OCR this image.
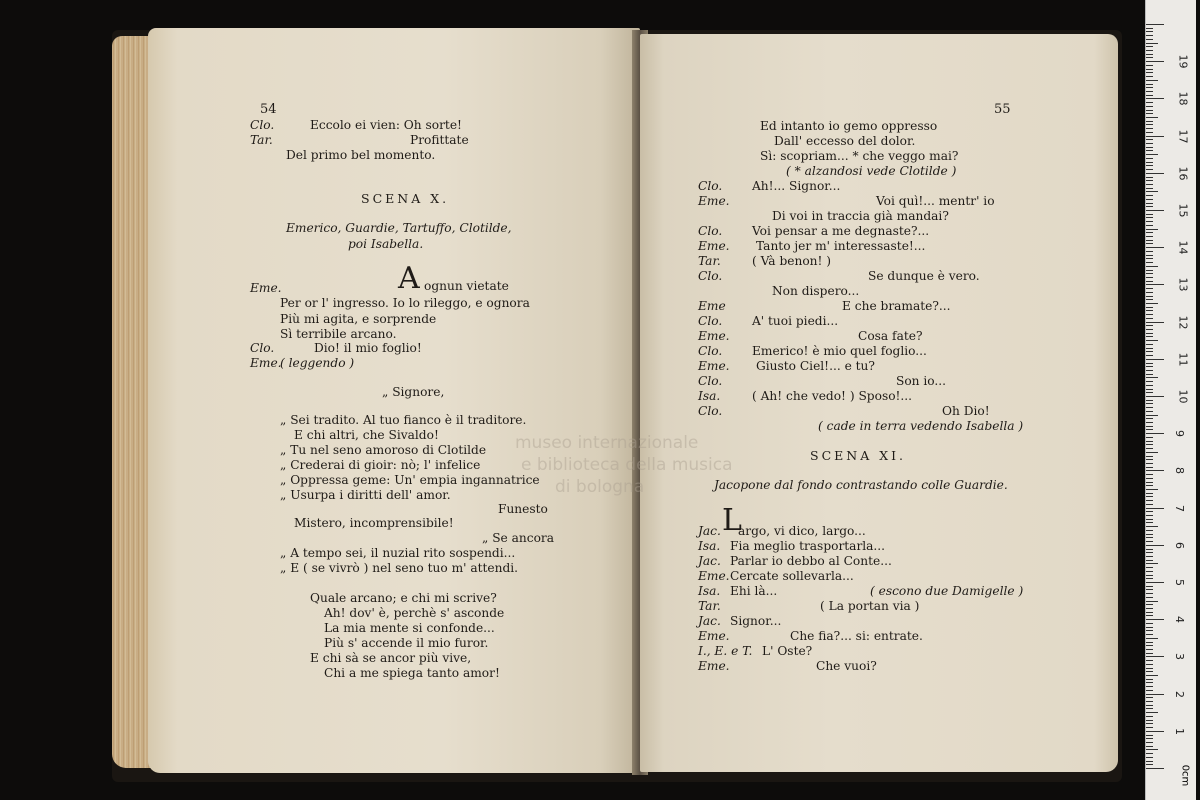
54
Clo.	Eccolo ei vien: Oh sorte!
Tar.	Profittate
Del primo bel momento.
SCENA X.
Emerico, Guardie, Tartuffo, Clotilde,
poi Isabella.
A
Eme.	ognun vietate
Per or l' ingresso. Io lo rileggo, e ognora
Più mi agita, e sorprende
Sì terribile arcano.
Clo.	Dio! il mio foglio!
Eme.
( leggendo )
„ Signore,
„ Sei tradito. Al tuo fianco è il traditore.
E chi altri, che Sivaldo!
„ Tu nel seno amoroso di Clotilde
„ Crederai di gioir: nò; l' infelice
„ Oppressa geme: Un' empia ingannatrice
„ Usurpa i diritti dell' amor.
Funesto
Mistero, incomprensibile!
„ Se ancora
„ A tempo sei, il nuzial rito sospendi...
„ E ( se vivrò ) nel seno tuo m' attendi.
Quale arcano; e chi mi scrive?
Ah! dov' è, perchè s' asconde
La mia mente si confonde...
Più s' accende il mio furor.
E chi sà se ancor più vive,
Chi a me spiega tanto amor!
55
Ed intanto io gemo oppresso
Dall' eccesso del dolor.
Sì: scopriam... * che veggo mai?
( * alzandosi vede Clotilde )
Clo. Ah!... Signor...
Eme.	Voi quì!... mentr' io
Di voi in traccia già mandai?
Clo. Voi pensar a me degnaste?...
Eme. Tanto jer m' interessaste!...
Tar.	( Và benon! )
Clo.	Se dunque è vero.
Non dispero...
Eme	E che bramate?...
Clo. A' tuoi piedi...
Eme.	Cosa fate?
Clo. Emerico! è mio quel foglio...
Eme. Giusto Ciel!... e tu?
Clo.	Son io...
Isa.	( Ah! che vedo! ) Sposo!...
Clo.	Oh Dio!
( cade in terra vedendo Isabella )
SCENA XI.
Jacopone dal fondo contrastando colle Guardie.
L
Jac. argo, vi dico, largo...
Isa. Fia meglio trasportarla...
Jac. Parlar io debbo al Conte...
Eme. Cercate sollevarla...
Isa. Ehi là...	( escono due Damigelle )
Tar.	( La portan via )
Jac. Signor...
Eme.	Che fia?... si: entrate.
I., E. e T. L' Oste?
Eme.	Che vuoi?
museo internazionale
e biblioteca della musica
di bologna
0cm
1
2
3
4
5
6
7
8
9
10
11
12
13
14
15
16
17
18
19
